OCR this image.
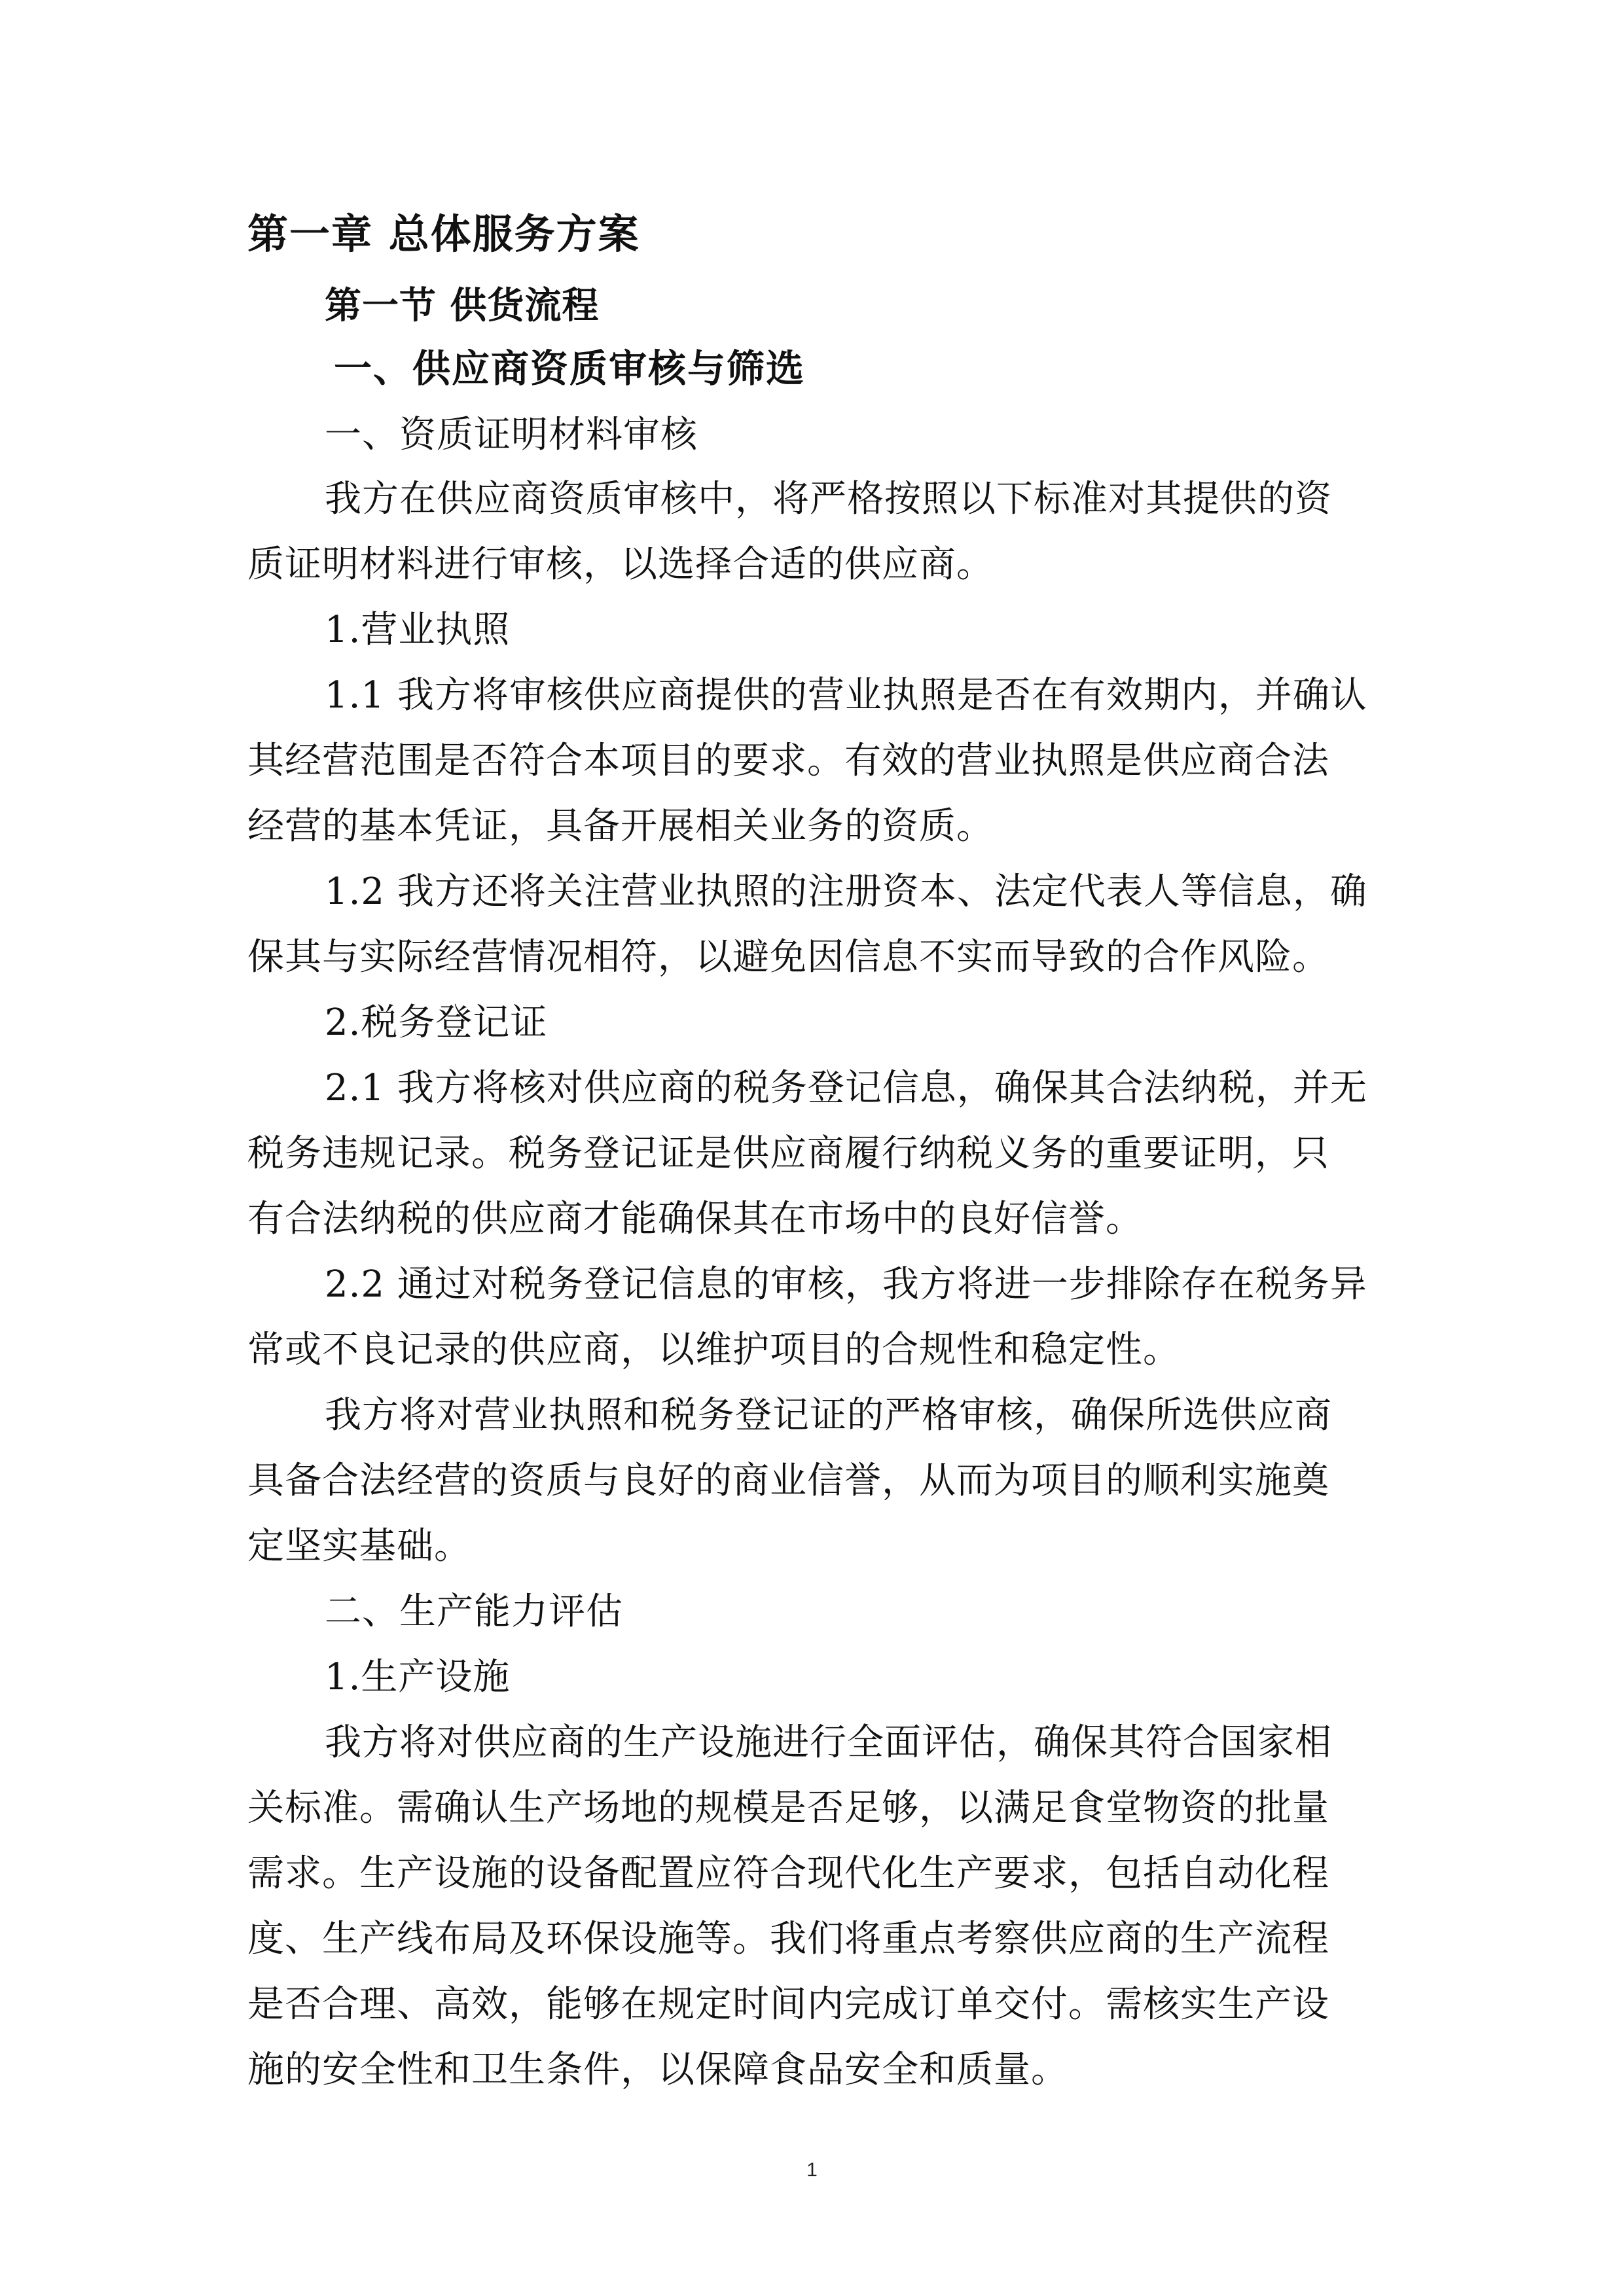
第一章 总体服务方案
第一节 供货流程
一、供应商资质审核与筛选
一、资质证明材料审核
我方在供应商资质审核中，将严格按照以下标准对其提供的资
质证明材料进行审核，以选择合适的供应商。
1.营业执照
1.1 我方将审核供应商提供的营业执照是否在有效期内，并确认
其经营范围是否符合本项目的要求。有效的营业执照是供应商合法
经营的基本凭证，具备开展相关业务的资质。
1.2 我方还将关注营业执照的注册资本、法定代表人等信息，确
保其与实际经营情况相符，以避免因信息不实而导致的合作风险。
2.税务登记证
2.1 我方将核对供应商的税务登记信息，确保其合法纳税，并无
税务违规记录。税务登记证是供应商履行纳税义务的重要证明，只
有合法纳税的供应商才能确保其在市场中的良好信誉。
2.2 通过对税务登记信息的审核，我方将进一步排除存在税务异
常或不良记录的供应商，以维护项目的合规性和稳定性。
我方将对营业执照和税务登记证的严格审核，确保所选供应商
具备合法经营的资质与良好的商业信誉，从而为项目的顺利实施奠
定坚实基础。
二、生产能力评估
1.生产设施
我方将对供应商的生产设施进行全面评估，确保其符合国家相
关标准。需确认生产场地的规模是否足够，以满足食堂物资的批量
需求。生产设施的设备配置应符合现代化生产要求，包括自动化程
度、生产线布局及环保设施等。我们将重点考察供应商的生产流程
是否合理、高效，能够在规定时间内完成订单交付。需核实生产设
施的安全性和卫生条件，以保障食品安全和质量。
1
